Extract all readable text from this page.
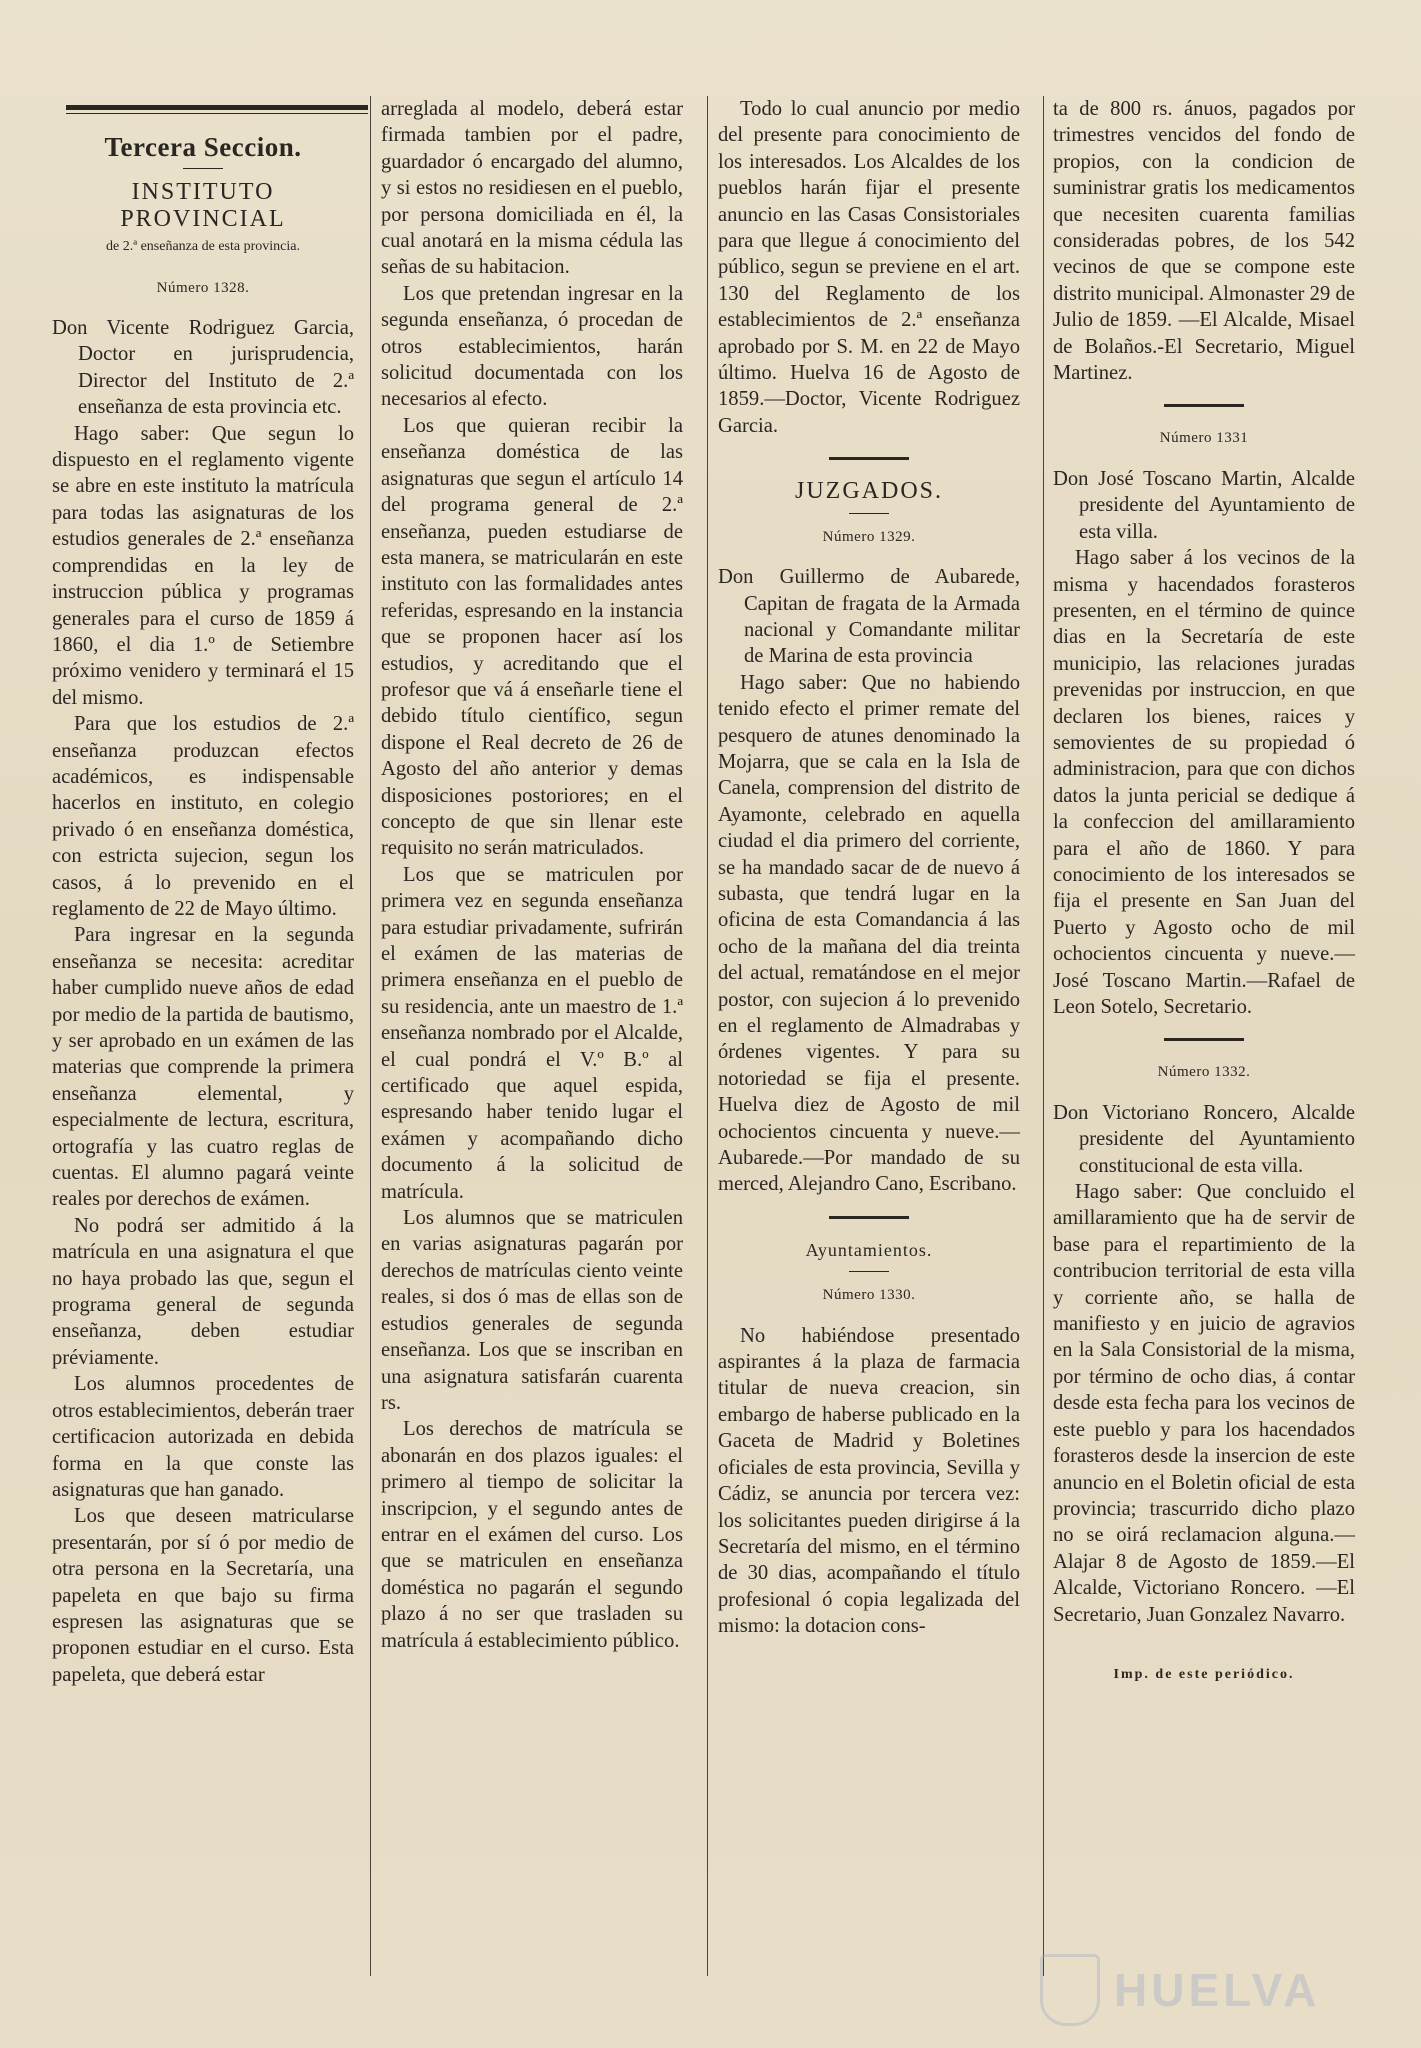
Tercera Seccion.
INSTITUTO PROVINCIAL
de 2.ª enseñanza de esta provincia.
Número 1328.

Don Vicente Rodriguez Garcia, Doctor en jurisprudencia, Director del Instituto de 2.ª enseñanza de esta provincia etc.

Hago saber: Que segun lo dispuesto en el reglamento vigente se abre en este instituto la matrícula para todas las asignaturas de los estudios generales de 2.ª enseñanza comprendidas en la ley de instruccion pública y programas generales para el curso de 1859 á 1860, el dia 1.º de Setiembre próximo venidero y terminará el 15 del mismo.

Para que los estudios de 2.ª enseñanza produzcan efectos académicos, es indispensable hacerlos en instituto, en colegio privado ó en enseñanza doméstica, con estricta sujecion, segun los casos, á lo prevenido en el reglamento de 22 de Mayo último.

Para ingresar en la segunda enseñanza se necesita: acreditar haber cumplido nueve años de edad por medio de la partida de bautismo, y ser aprobado en un exámen de las materias que comprende la primera enseñanza elemental, y especialmente de lectura, escritura, ortografía y las cuatro reglas de cuentas. El alumno pagará veinte reales por derechos de exámen.

No podrá ser admitido á la matrícula en una asignatura el que no haya probado las que, segun el programa general de segunda enseñanza, deben estudiar préviamente.

Los alumnos procedentes de otros establecimientos, deberán traer certificacion autorizada en debida forma en la que conste las asignaturas que han ganado.

Los que deseen matricularse presentarán, por sí ó por medio de otra persona en la Secretaría, una papeleta en que bajo su firma espresen las asignaturas que se proponen estudiar en el curso. Esta papeleta, que deberá estar

arreglada al modelo, deberá estar firmada tambien por el padre, guardador ó encargado del alumno, y si estos no residiesen en el pueblo, por persona domiciliada en él, la cual anotará en la misma cédula las señas de su habitacion.

Los que pretendan ingresar en la segunda enseñanza, ó procedan de otros establecimientos, harán solicitud documentada con los necesarios al efecto.

Los que quieran recibir la enseñanza doméstica de las asignaturas que segun el artículo 14 del programa general de 2.ª enseñanza, pueden estudiarse de esta manera, se matricularán en este instituto con las formalidades antes referidas, espresando en la instancia que se proponen hacer así los estudios, y acreditando que el profesor que vá á enseñarle tiene el debido título científico, segun dispone el Real decreto de 26 de Agosto del año anterior y demas disposiciones postoriores; en el concepto de que sin llenar este requisito no serán matriculados.

Los que se matriculen por primera vez en segunda enseñanza para estudiar privadamente, sufrirán el exámen de las materias de primera enseñanza en el pueblo de su residencia, ante un maestro de 1.ª enseñanza nombrado por el Alcalde, el cual pondrá el V.º B.º al certificado que aquel espida, espresando haber tenido lugar el exámen y acompañando dicho documento á la solicitud de matrícula.

Los alumnos que se matriculen en varias asignaturas pagarán por derechos de matrículas ciento veinte reales, si dos ó mas de ellas son de estudios generales de segunda enseñanza. Los que se inscriban en una asignatura satisfarán cuarenta rs.

Los derechos de matrícula se abonarán en dos plazos iguales: el primero al tiempo de solicitar la inscripcion, y el segundo antes de entrar en el exámen del curso. Los que se matriculen en enseñanza doméstica no pagarán el segundo plazo á no ser que trasladen su matrícula á establecimiento público.

Todo lo cual anuncio por medio del presente para conocimiento de los interesados. Los Alcaldes de los pueblos harán fijar el presente anuncio en las Casas Consistoriales para que llegue á conocimiento del público, segun se previene en el art. 130 del Reglamento de los establecimientos de 2.ª enseñanza aprobado por S. M. en 22 de Mayo último. Huelva 16 de Agosto de 1859.—Doctor, Vicente Rodriguez Garcia.

JUZGADOS.
Número 1329.

Don Guillermo de Aubarede, Capitan de fragata de la Armada nacional y Comandante militar de Marina de esta provincia

Hago saber: Que no habiendo tenido efecto el primer remate del pesquero de atunes denominado la Mojarra, que se cala en la Isla de Canela, comprension del distrito de Ayamonte, celebrado en aquella ciudad el dia primero del corriente, se ha mandado sacar de de nuevo á subasta, que tendrá lugar en la oficina de esta Comandancia á las ocho de la mañana del dia treinta del actual, rematándose en el mejor postor, con sujecion á lo prevenido en el reglamento de Almadrabas y órdenes vigentes. Y para su notoriedad se fija el presente. Huelva diez de Agosto de mil ochocientos cincuenta y nueve.—Aubarede.—Por mandado de su merced, Alejandro Cano, Escribano.

Ayuntamientos.
Número 1330.

No habiéndose presentado aspirantes á la plaza de farmacia titular de nueva creacion, sin embargo de haberse publicado en la Gaceta de Madrid y Boletines oficiales de esta provincia, Sevilla y Cádiz, se anuncia por tercera vez: los solicitantes pueden dirigirse á la Secretaría del mismo, en el término de 30 dias, acompañando el título profesional ó copia legalizada del mismo: la dotacion cons-

ta de 800 rs. ánuos, pagados por trimestres vencidos del fondo de propios, con la condicion de suministrar gratis los medicamentos que necesiten cuarenta familias consideradas pobres, de los 542 vecinos de que se compone este distrito municipal. Almonaster 29 de Julio de 1859. —El Alcalde, Misael de Bolaños.-El Secretario, Miguel Martinez.

Número 1331

Don José Toscano Martin, Alcalde presidente del Ayuntamiento de esta villa.

Hago saber á los vecinos de la misma y hacendados forasteros presenten, en el término de quince dias en la Secretaría de este municipio, las relaciones juradas prevenidas por instruccion, en que declaren los bienes, raices y semovientes de su propiedad ó administracion, para que con dichos datos la junta pericial se dedique á la confeccion del amillaramiento para el año de 1860. Y para conocimiento de los interesados se fija el presente en San Juan del Puerto y Agosto ocho de mil ochocientos cincuenta y nueve.—José Toscano Martin.—Rafael de Leon Sotelo, Secretario.

Número 1332.

Don Victoriano Roncero, Alcalde presidente del Ayuntamiento constitucional de esta villa.

Hago saber: Que concluido el amillaramiento que ha de servir de base para el repartimiento de la contribucion territorial de esta villa y corriente año, se halla de manifiesto y en juicio de agravios en la Sala Consistorial de la misma, por término de ocho dias, á contar desde esta fecha para los vecinos de este pueblo y para los hacendados forasteros desde la insercion de este anuncio en el Boletin oficial de esta provincia; trascurrido dicho plazo no se oirá reclamacion alguna.—Alajar 8 de Agosto de 1859.—El Alcalde, Victoriano Roncero. —El Secretario, Juan Gonzalez Navarro.

Imp. de este periódico.
HUELVA
